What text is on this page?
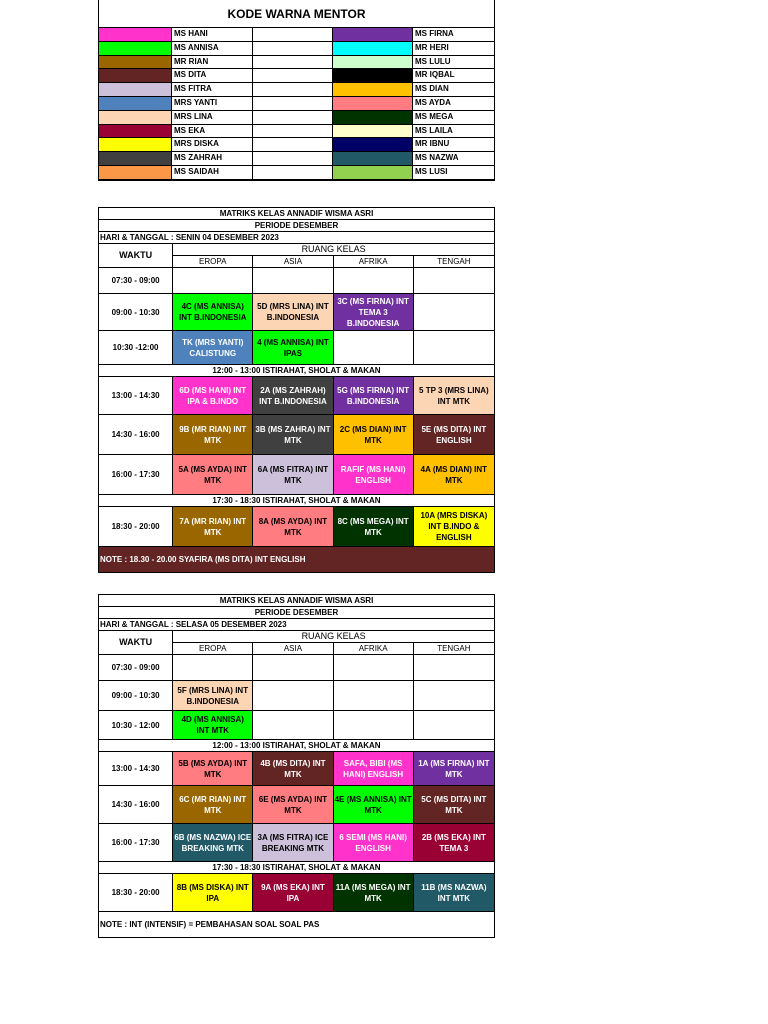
KODE WARNA MENTOR
MS HANI	MS FIRNA
MS ANNISA	MR HERI
MR RIAN	MS LULU
MS DITA	MR IQBAL
MS FITRA	MS DIAN
MRS YANTI	MS AYDA
MRS LINA	MS MEGA
MS EKA	MS LAILA
MRS DISKA	MR IBNU
MS ZAHRAH	MS NAZWA
MS SAIDAH	MS LUSI
MATRIKS KELAS ANNADIF WISMA ASRI				
PERIODE DESEMBER				
HARI & TANGGAL : SENIN 04 DESEMBER 2023				
WAKTU	RUANG KELAS			
	EROPA	ASIA	AFRIKA	TENGAH
07:30 - 09:00				
09:00 - 10:30	4C (MS ANNISA) INT B.INDONESIA	5D (MRS LINA) INT B.INDONESIA	3C (MS FIRNA) INT TEMA 3 B.INDONESIA	
10:30 -12:00	TK (MRS YANTI) CALISTUNG	4 (MS ANNISA) INT IPAS		
12:00 - 13:00 ISTIRAHAT, SHOLAT & MAKAN				
13:00 - 14:30	6D (MS HANI) INT IPA & B.INDO	2A (MS ZAHRAH) INT B.INDONESIA	5G (MS FIRNA) INT B.INDONESIA	5 TP 3 (MRS LINA) INT MTK
14:30 - 16:00	9B (MR RIAN) INT MTK	3B (MS ZAHRA) INT MTK	2C (MS DIAN) INT MTK	5E (MS DITA) INT ENGLISH
16:00 - 17:30	5A (MS AYDA) INT MTK	6A (MS FITRA) INT MTK	RAFIF (MS HANI) ENGLISH	4A (MS DIAN) INT MTK
17:30 - 18:30 ISTIRAHAT, SHOLAT & MAKAN				
18:30 - 20:00	7A (MR RIAN) INT MTK	8A (MS AYDA) INT MTK	8C (MS MEGA) INT MTK	10A (MRS DISKA) INT B.INDO & ENGLISH
NOTE : 18.30 - 20.00 SYAFIRA (MS DITA) INT ENGLISH				
MATRIKS KELAS ANNADIF WISMA ASRI				
PERIODE DESEMBER				
HARI & TANGGAL : SELASA 05 DESEMBER 2023				
WAKTU	RUANG KELAS			
	EROPA	ASIA	AFRIKA	TENGAH
07:30 - 09:00				
09:00 - 10:30	5F (MRS LINA) INT B.INDONESIA			
10:30 - 12:00	4D (MS ANNISA) INT MTK			
12:00 - 13:00 ISTIRAHAT, SHOLAT & MAKAN				
13:00 - 14:30	5B (MS AYDA) INT MTK	4B (MS DITA) INT MTK	SAFA, BIBI (MS HANI) ENGLISH	1A (MS FIRNA) INT MTK
14:30 - 16:00	6C (MR RIAN) INT MTK	6E (MS AYDA) INT MTK	4E (MS ANNISA) INT MTK	5C (MS DITA) INT MTK
16:00 - 17:30	6B (MS NAZWA) ICE BREAKING MTK	3A (MS FITRA) ICE BREAKING MTK	6 SEMI (MS HANI) ENGLISH	2B (MS EKA) INT TEMA 3
17:30 - 18:30 ISTIRAHAT, SHOLAT & MAKAN				
18:30 - 20:00	8B (MS DISKA) INT IPA	9A (MS EKA) INT IPA	11A (MS MEGA) INT MTK	11B (MS NAZWA) INT MTK
NOTE : INT (INTENSIF) = PEMBAHASAN SOAL SOAL PAS				
